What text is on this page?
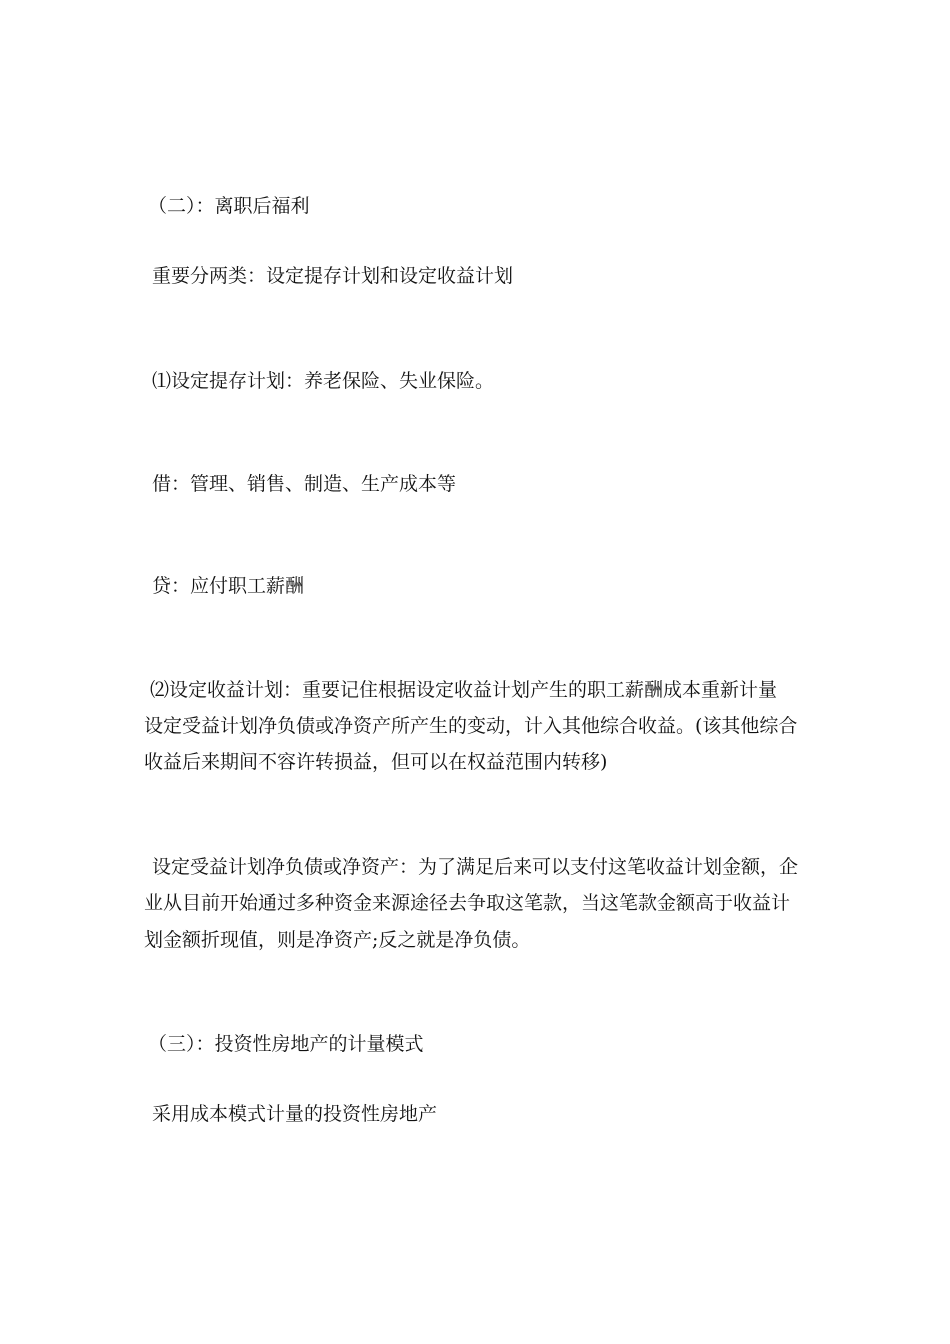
（二）：离职后福利
重要分两类：设定提存计划和设定收益计划
⑴设定提存计划：养老保险、失业保险。
借：管理、销售、制造、生产成本等
贷：应付职工薪酬
⑵设定收益计划：重要记住根据设定收益计划产生的职工薪酬成本重新计量
设定受益计划净负债或净资产所产生的变动，计入其他综合收益。(该其他综合
收益后来期间不容许转损益，但可以在权益范围内转移)
设定受益计划净负债或净资产：为了满足后来可以支付这笔收益计划金额，企
业从目前开始通过多种资金来源途径去争取这笔款，当这笔款金额高于收益计
划金额折现值，则是净资产;反之就是净负债。
（三）：投资性房地产的计量模式
采用成本模式计量的投资性房地产
